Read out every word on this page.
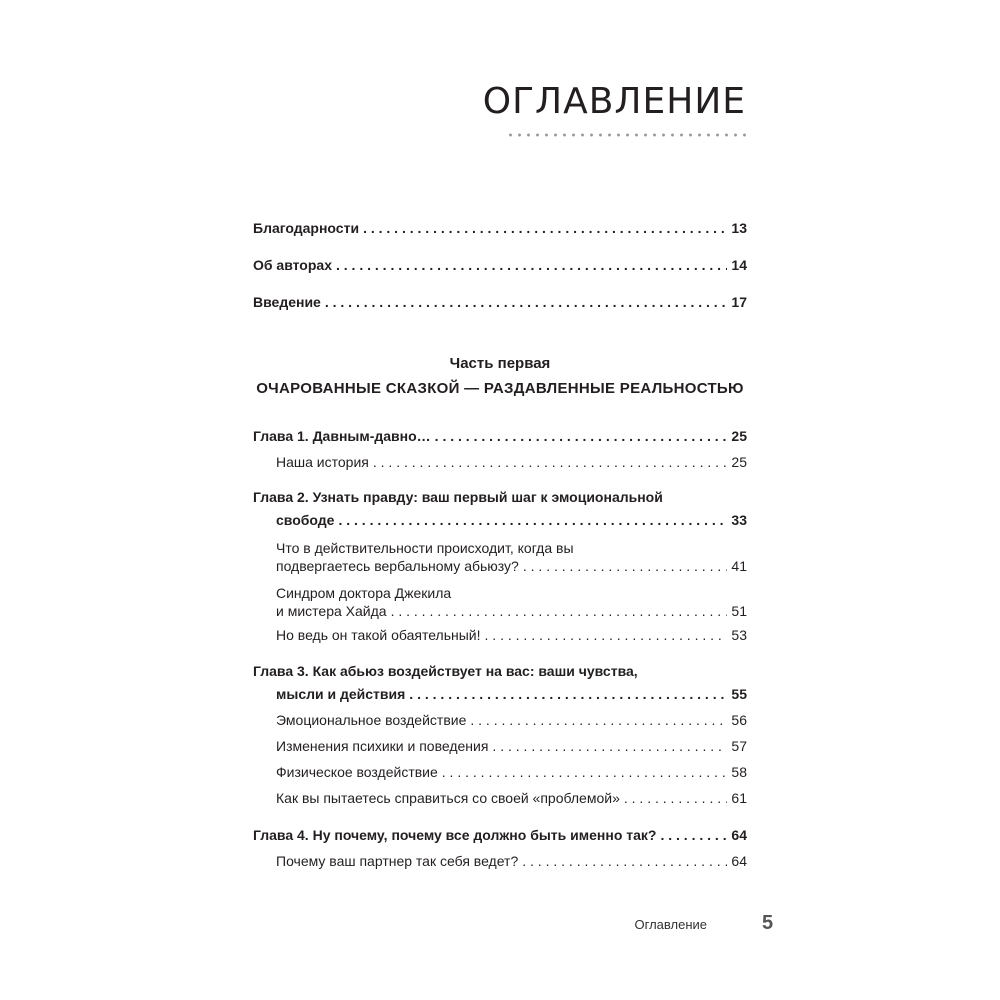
ОГЛАВЛЕНИЕ
Благодарности . . .	13
Об авторах . . .	14
Введение . . .	17
Часть первая
ОЧАРОВАННЫЕ СКАЗКОЙ — РАЗДАВЛЕННЫЕ РЕАЛЬНОСТЬЮ
Глава 1. Давным-давно… . . .	25
Наша история . . .	25
Глава 2. Узнать правду: ваш первый шаг к эмоциональной
свободе . . .	33
Что в действительности происходит, когда вы
подвергаетесь вербальному абьюзу? . . .	41
Синдром доктора Джекила
и мистера Хайда . . .	51
Но ведь он такой обаятельный! . . .	53
Глава 3. Как абьюз воздействует на вас: ваши чувства,
мысли и действия . . .	55
Эмоциональное воздействие . . .	56
Изменения психики и поведения . . .	57
Физическое воздействие . . .	58
Как вы пытаетесь справиться со своей «проблемой» . . .	61
Глава 4. Ну почему, почему все должно быть именно так? . . .	64
Почему ваш партнер так себя ведет? . . .	64
Оглавление	5
